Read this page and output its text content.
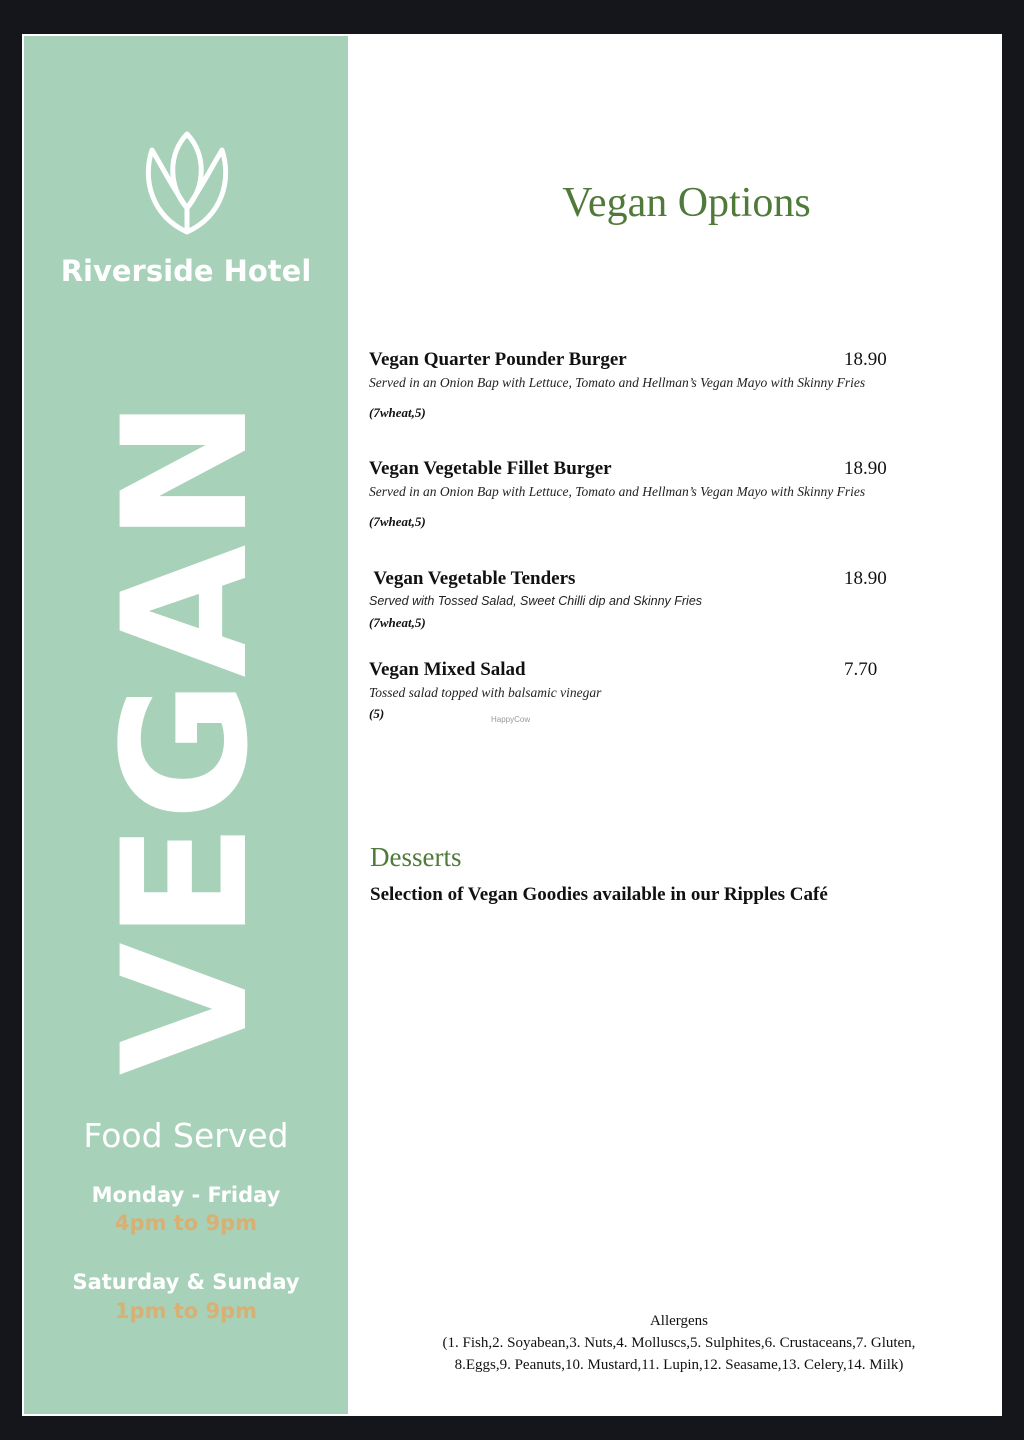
Riverside Hotel
VEGAN
Food Served
Monday - Friday
4pm to 9pm
Saturday & Sunday
1pm to 9pm
Vegan Options
Vegan Quarter Pounder Burger	18.90
Served in an Onion Bap with Lettuce, Tomato and Hellman’s Vegan Mayo with Skinny Fries
(7wheat,5)
Vegan Vegetable Fillet Burger	18.90
Served in an Onion Bap with Lettuce, Tomato and Hellman’s Vegan Mayo with Skinny Fries
(7wheat,5)
Vegan Vegetable Tenders	18.90
Served with Tossed Salad, Sweet Chilli dip and Skinny Fries
(7wheat,5)
Vegan Mixed Salad	7.70
Tossed salad topped with balsamic vinegar
(5)	HappyCow
Desserts
Selection of Vegan Goodies available in our Ripples Café
Allergens
(1. Fish,2. Soyabean,3. Nuts,4. Molluscs,5. Sulphites,6. Crustaceans,7. Gluten,
8.Eggs,9. Peanuts,10. Mustard,11. Lupin,12. Seasame,13. Celery,14. Milk)
